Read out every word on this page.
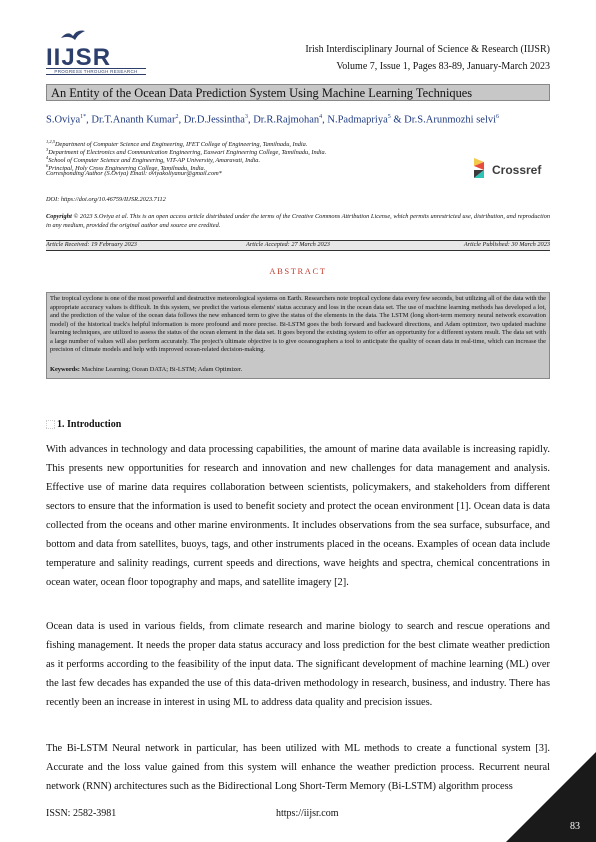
IIJSR
PROGRESS THROUGH RESEARCH
Irish Interdisciplinary Journal of Science & Research (IIJSR)
Volume 7, Issue 1, Pages 83-89, January-March 2023
An Entity of the Ocean Data Prediction System Using Machine Learning Techniques
S.Oviya$^{1*}$, Dr.T.Ananth Kumar$^2$, Dr.D.Jessintha$^3$, Dr.R.Rajmohan$^4$, N.Padmapriya$^5$ & Dr.S.Arunmozhi selvi$^6$
$^{1,2,5}$Department of Computer Science and Engineering, IFET College of Engineering, Tamilnadu, India.
$^3$Department of Electronics and Communication Engineering, Easwari Engineering College, Tamilnadu, India.
$^4$School of Computer Science and Engineering, VIT-AP University, Amaravati, India.
$^6$Principal, Holy Cross Engineering College, Tamilnadu, India.
Corresponding Author (S.Oviya) Email: oviyakoliyanur@gmail.com*	Crossref
DOI: https://doi.org/10.46759/IIJSR.2023.7112
Copyright © 2023 S.Oviya et al. This is an open access article distributed under the terms of the Creative Commons Attribution License, which permits unrestricted use, distribution, and reproduction in any medium, provided the original author and source are credited.
Article Received: 19 February 2023	Article Accepted: 27 March 2023	Article Published: 30 March 2023
ABSTRACT
The tropical cyclone is one of the most powerful and destructive meteorological systems on Earth. Researchers note tropical cyclone data every few seconds, but utilizing all of the data with the appropriate accuracy values is difficult. In this system, we predict the various elements' status accuracy and loss in the ocean data set. The use of machine learning methods has developed a lot, and the prediction of the value of the ocean data follows the new enhanced term to give the status of the elements in the data. The LSTM (long short-term memory neural network excavation model) of the historical track's helpful information is more profound and more precise. Bi-LSTM goes the both forward and backward directions, and Adam optimizer, two updated machine learning techniques, are utilized to assess the status of the ocean element in the data set. It goes beyond the existing system to offer an opportunity for a different system result. The data set with a large number of values will also perform accurately. The project's ultimate objective is to give oceanographers a tool to anticipate the quality of ocean data in real-time, which can increase the precision of climate models and help with improved ocean-related decision-making.
Keywords: Machine Learning; Ocean DATA; Bi-LSTM; Adam Optimizer.
1. Introduction
With advances in technology and data processing capabilities, the amount of marine data available is increasing rapidly. This presents new opportunities for research and innovation and new challenges for data management and analysis. Effective use of marine data requires collaboration between scientists, policymakers, and stakeholders from different sectors to ensure that the information is used to benefit society and protect the ocean environment [1]. Ocean data is data collected from the oceans and other marine environments. It includes observations from the sea surface, subsurface, and bottom and data from satellites, buoys, tags, and other instruments placed in the oceans. Examples of ocean data include temperature and salinity readings, current speeds and directions, wave heights and spectra, chemical concentrations in ocean water, ocean floor topography and maps, and satellite imagery [2].
Ocean data is used in various fields, from climate research and marine biology to search and rescue operations and fishing management. It needs the proper data status accuracy and loss prediction for the best climate weather prediction as it performs according to the feasibility of the input data. The significant development of machine learning (ML) over the last few decades has expanded the use of this data-driven methodology in research, business, and industry. There has recently been an increase in interest in using ML to address data quality and precision issues.
The Bi-LSTM Neural network in particular, has been utilized with ML methods to create a functional system [3]. Accurate and the loss value gained from this system will enhance the weather prediction process. Recurrent neural network (RNN) architectures such as the Bidirectional Long Short-Term Memory (Bi-LSTM) algorithm process
ISSN: 2582-3981	https://iijsr.com
83
